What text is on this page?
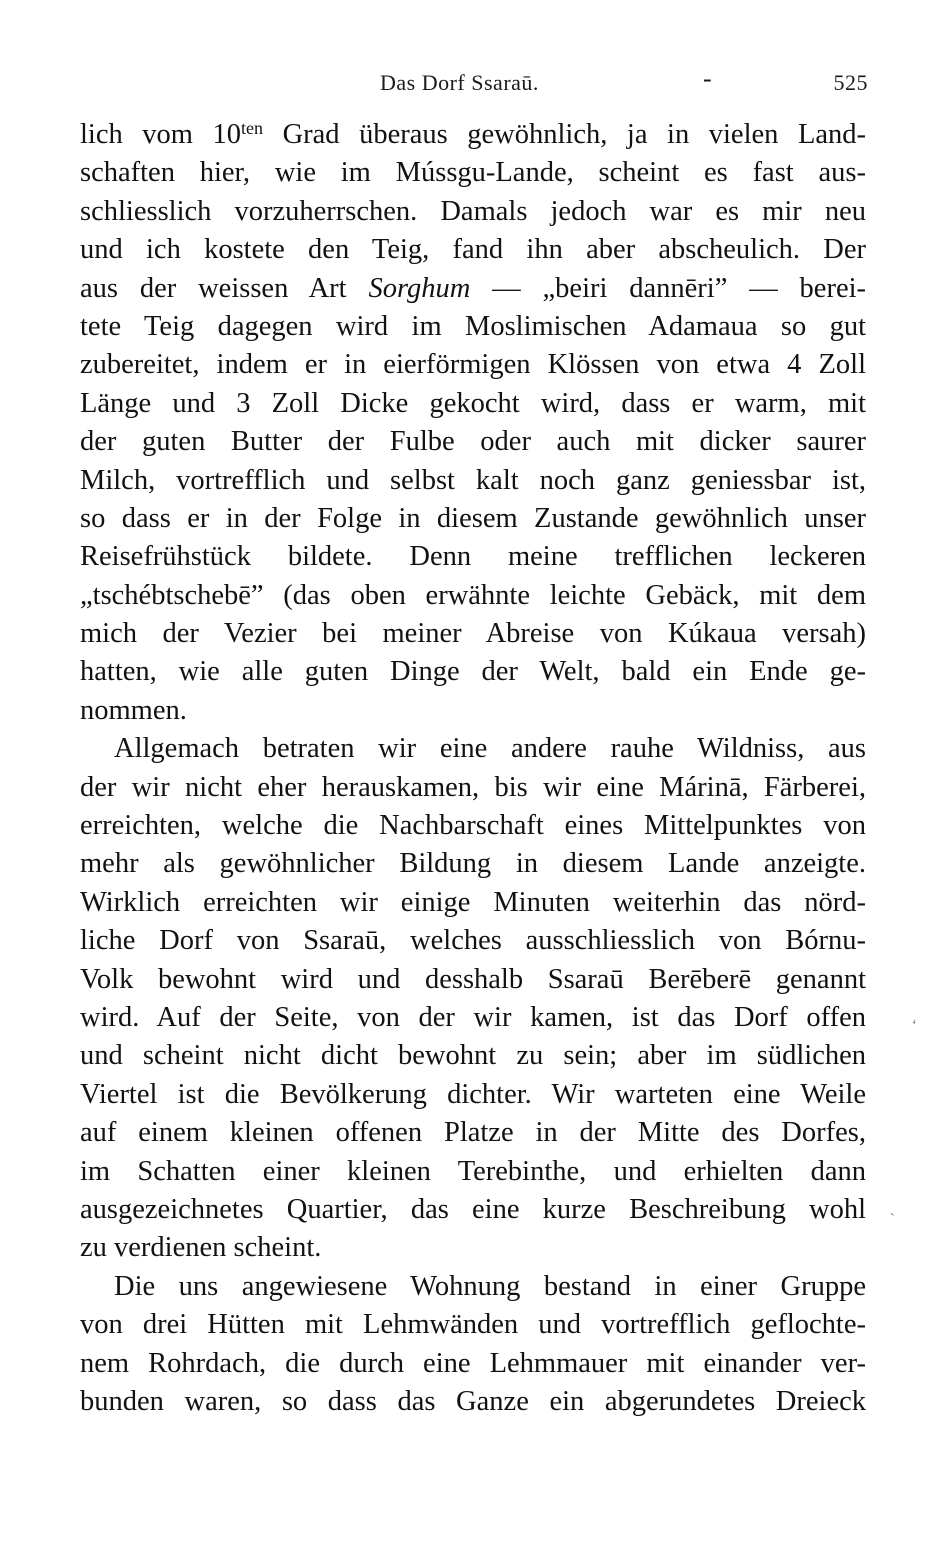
Das Dorf Ssaraū.	-	525
lich vom $10^{ten}$ Grad überaus gewöhnlich, ja in vielen Land-
schaften hier, wie im Mússgu-Lande, scheint es fast aus-
schliesslich vorzuherrschen. Damals jedoch war es mir neu
und ich kostete den Teig, fand ihn aber abscheulich. Der
aus der weissen Art Sorghum — „beiri dannēri” — berei-
tete Teig dagegen wird im Moslimischen Adamaua so gut
zubereitet, indem er in eierförmigen Klössen von etwa 4 Zoll
Länge und 3 Zoll Dicke gekocht wird, dass er warm, mit
der guten Butter der Fulbe oder auch mit dicker saurer
Milch, vortrefflich und selbst kalt noch ganz geniessbar ist,
so dass er in der Folge in diesem Zustande gewöhnlich unser
Reisefrühstück bildete. Denn meine trefflichen leckeren
„tschébtschebē” (das oben erwähnte leichte Gebäck, mit dem
mich der Vezier bei meiner Abreise von Kúkaua versah)
hatten, wie alle guten Dinge der Welt, bald ein Ende ge-
nommen.
Allgemach betraten wir eine andere rauhe Wildniss, aus
der wir nicht eher herauskamen, bis wir eine Márinā, Färberei,
erreichten, welche die Nachbarschaft eines Mittelpunktes von
mehr als gewöhnlicher Bildung in diesem Lande anzeigte.
Wirklich erreichten wir einige Minuten weiterhin das nörd-
liche Dorf von Ssaraū, welches ausschliesslich von Bórnu-
Volk bewohnt wird und desshalb Ssaraū Berēberē genannt
wird. Auf der Seite, von der wir kamen, ist das Dorf offen
und scheint nicht dicht bewohnt zu sein; aber im südlichen
Viertel ist die Bevölkerung dichter. Wir warteten eine Weile
auf einem kleinen offenen Platze in der Mitte des Dorfes,
im Schatten einer kleinen Terebinthe, und erhielten dann
ausgezeichnetes Quartier, das eine kurze Beschreibung wohl
zu verdienen scheint.
Die uns angewiesene Wohnung bestand in einer Gruppe
von drei Hütten mit Lehmwänden und vortrefflich geflochte-
nem Rohrdach, die durch eine Lehmmauer mit einander ver-
bunden waren, so dass das Ganze ein abgerundetes Dreieck
‘
ˋ
